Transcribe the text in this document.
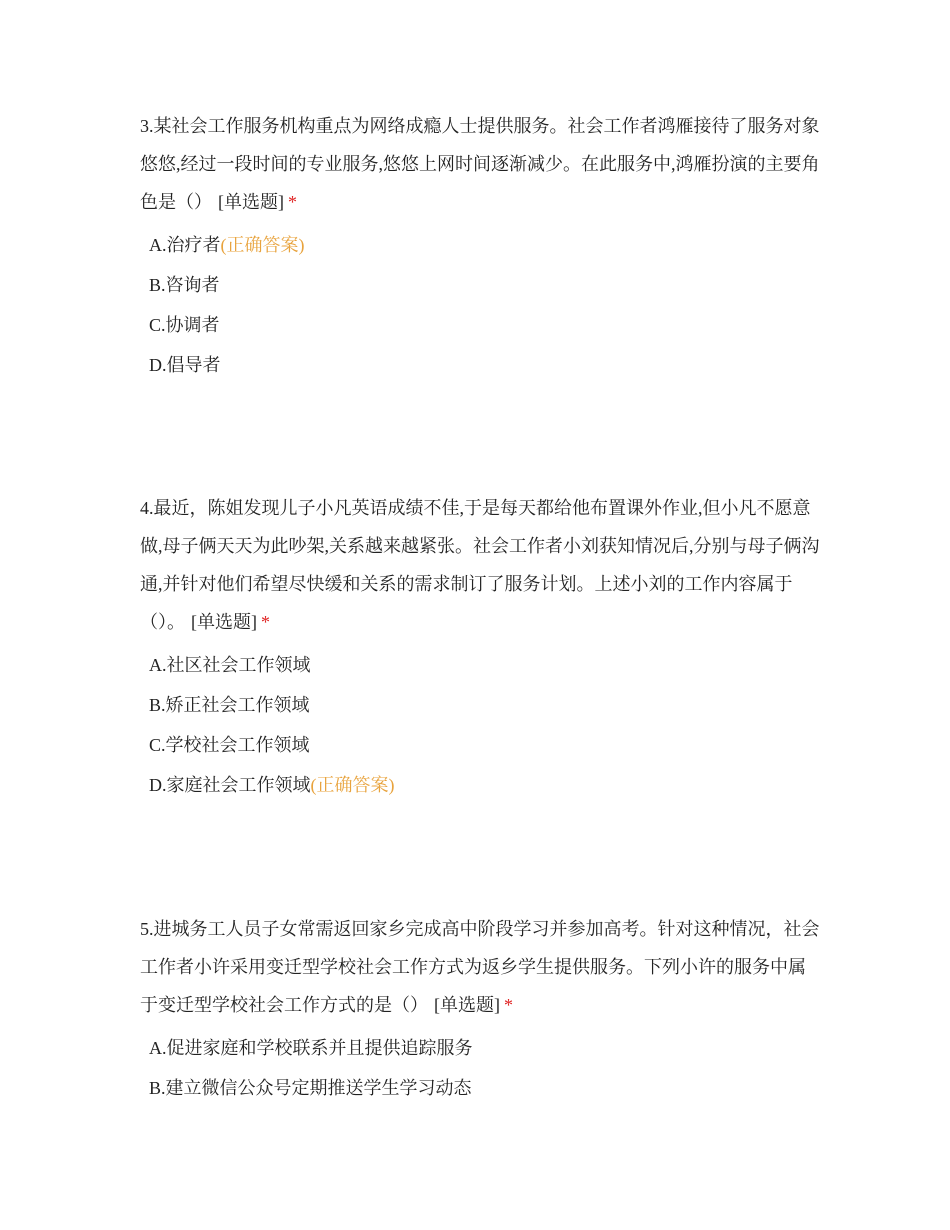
3.某社会工作服务机构重点为网络成瘾人士提供服务。社会工作者鸿雁接待了服务对象悠悠,经过一段时间的专业服务,悠悠上网时间逐渐减少。在此服务中,鸿雁扮演的主要角色是（） [单选题] *

A.治疗者(正确答案)
B.咨询者
C.协调者
D.倡导者

4.最近，陈姐发现儿子小凡英语成绩不佳,于是每天都给他布置课外作业,但小凡不愿意做,母子俩天天为此吵架,关系越来越紧张。社会工作者小刘获知情况后,分别与母子俩沟通,并针对他们希望尽快缓和关系的需求制订了服务计划。上述小刘的工作内容属于（）。 [单选题] *

A.社区社会工作领域
B.矫正社会工作领域
C.学校社会工作领域
D.家庭社会工作领域(正确答案)

5.进城务工人员子女常需返回家乡完成高中阶段学习并参加高考。针对这种情况，社会工作者小许采用变迁型学校社会工作方式为返乡学生提供服务。下列小许的服务中属于变迁型学校社会工作方式的是（） [单选题] *

A.促进家庭和学校联系并且提供追踪服务
B.建立微信公众号定期推送学生学习动态
